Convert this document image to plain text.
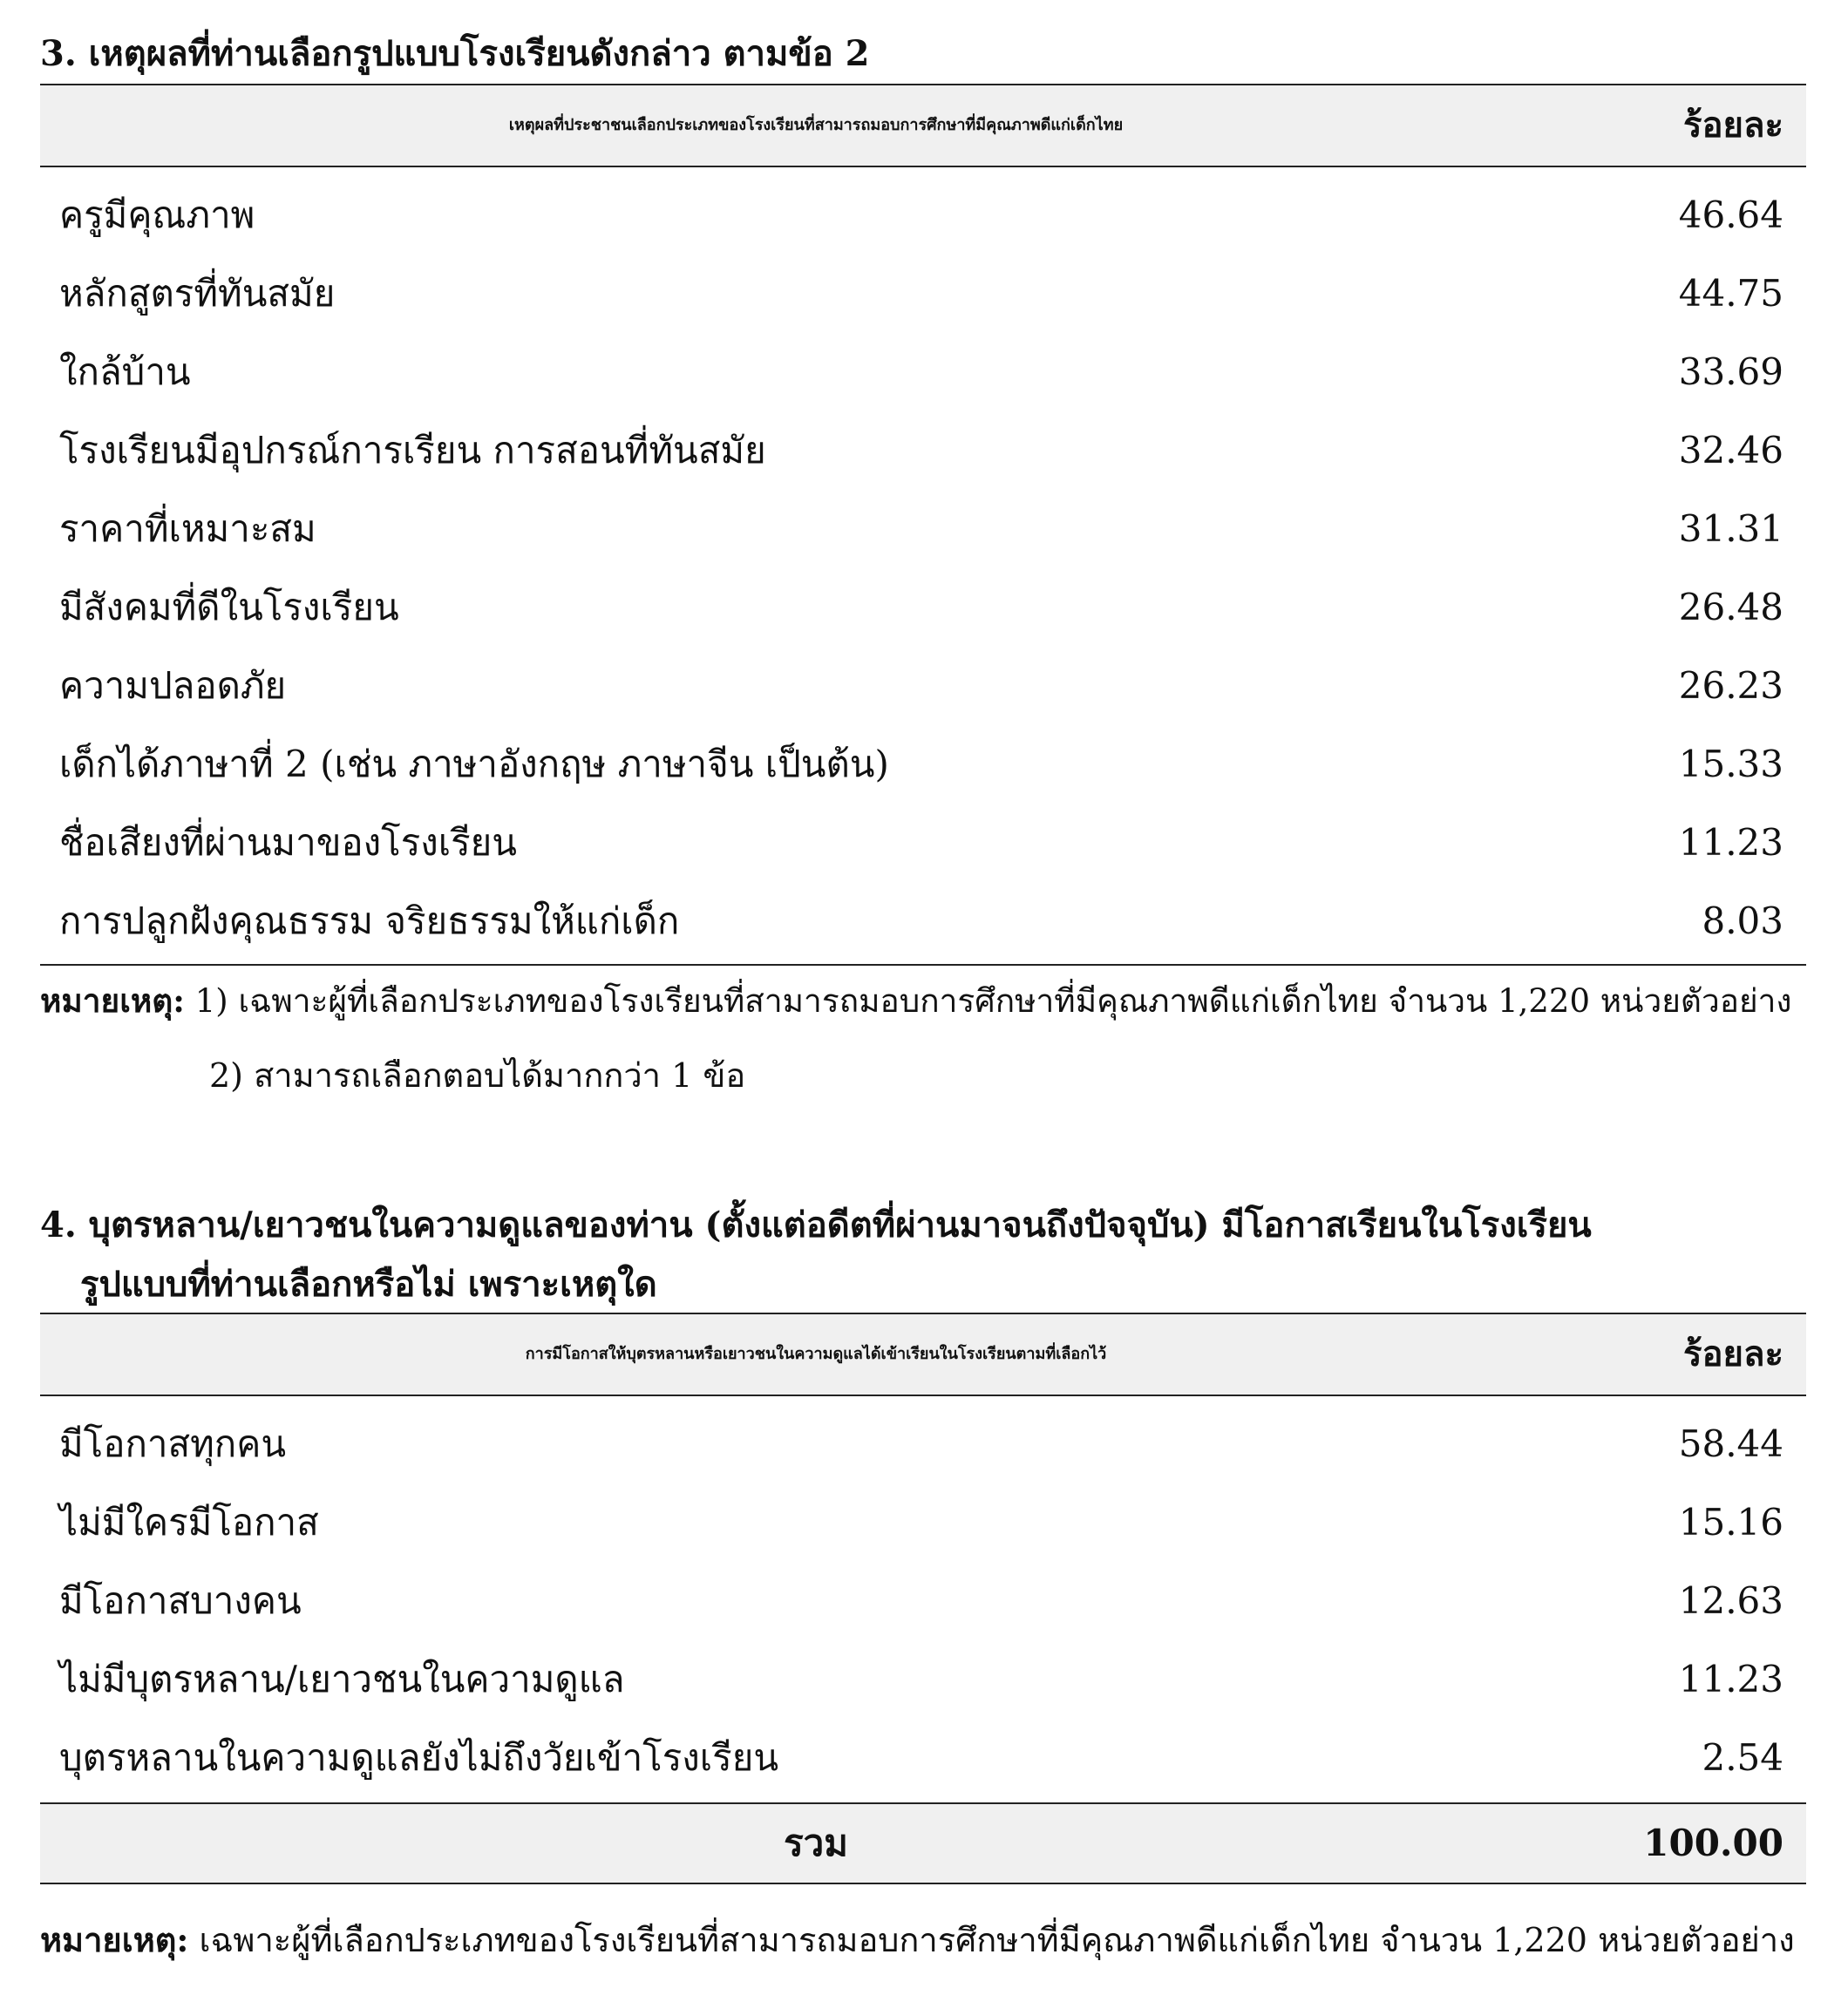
3. เหตุผลที่ท่านเลือกรูปแบบโรงเรียนดังกล่าว ตามข้อ 2
เหตุผลที่ประชาชนเลือกประเภทของโรงเรียนที่สามารถมอบการศึกษาที่มีคุณภาพดีแก่เด็กไทย	ร้อยละ
ครูมีคุณภาพ	46.64
หลักสูตรที่ทันสมัย	44.75
ใกล้บ้าน	33.69
โรงเรียนมีอุปกรณ์การเรียน การสอนที่ทันสมัย	32.46
ราคาที่เหมาะสม	31.31
มีสังคมที่ดีในโรงเรียน	26.48
ความปลอดภัย	26.23
เด็กได้ภาษาที่ 2 (เช่น ภาษาอังกฤษ ภาษาจีน เป็นต้น)	15.33
ชื่อเสียงที่ผ่านมาของโรงเรียน	11.23
การปลูกฝังคุณธรรม จริยธรรมให้แก่เด็ก	8.03
หมายเหตุ: 1) เฉพาะผู้ที่เลือกประเภทของโรงเรียนที่สามารถมอบการศึกษาที่มีคุณภาพดีแก่เด็กไทย จำนวน 1,220 หน่วยตัวอย่าง
2) สามารถเลือกตอบได้มากกว่า 1 ข้อ
4. บุตรหลาน/เยาวชนในความดูแลของท่าน (ตั้งแต่อดีตที่ผ่านมาจนถึงปัจจุบัน) มีโอกาสเรียนในโรงเรียน
รูปแบบที่ท่านเลือกหรือไม่ เพราะเหตุใด
การมีโอกาสให้บุตรหลานหรือเยาวชนในความดูแลได้เข้าเรียนในโรงเรียนตามที่เลือกไว้	ร้อยละ
มีโอกาสทุกคน	58.44
ไม่มีใครมีโอกาส	15.16
มีโอกาสบางคน	12.63
ไม่มีบุตรหลาน/เยาวชนในความดูแล	11.23
บุตรหลานในความดูแลยังไม่ถึงวัยเข้าโรงเรียน	2.54
รวม	100.00
หมายเหตุ: เฉพาะผู้ที่เลือกประเภทของโรงเรียนที่สามารถมอบการศึกษาที่มีคุณภาพดีแก่เด็กไทย จำนวน 1,220 หน่วยตัวอย่าง
